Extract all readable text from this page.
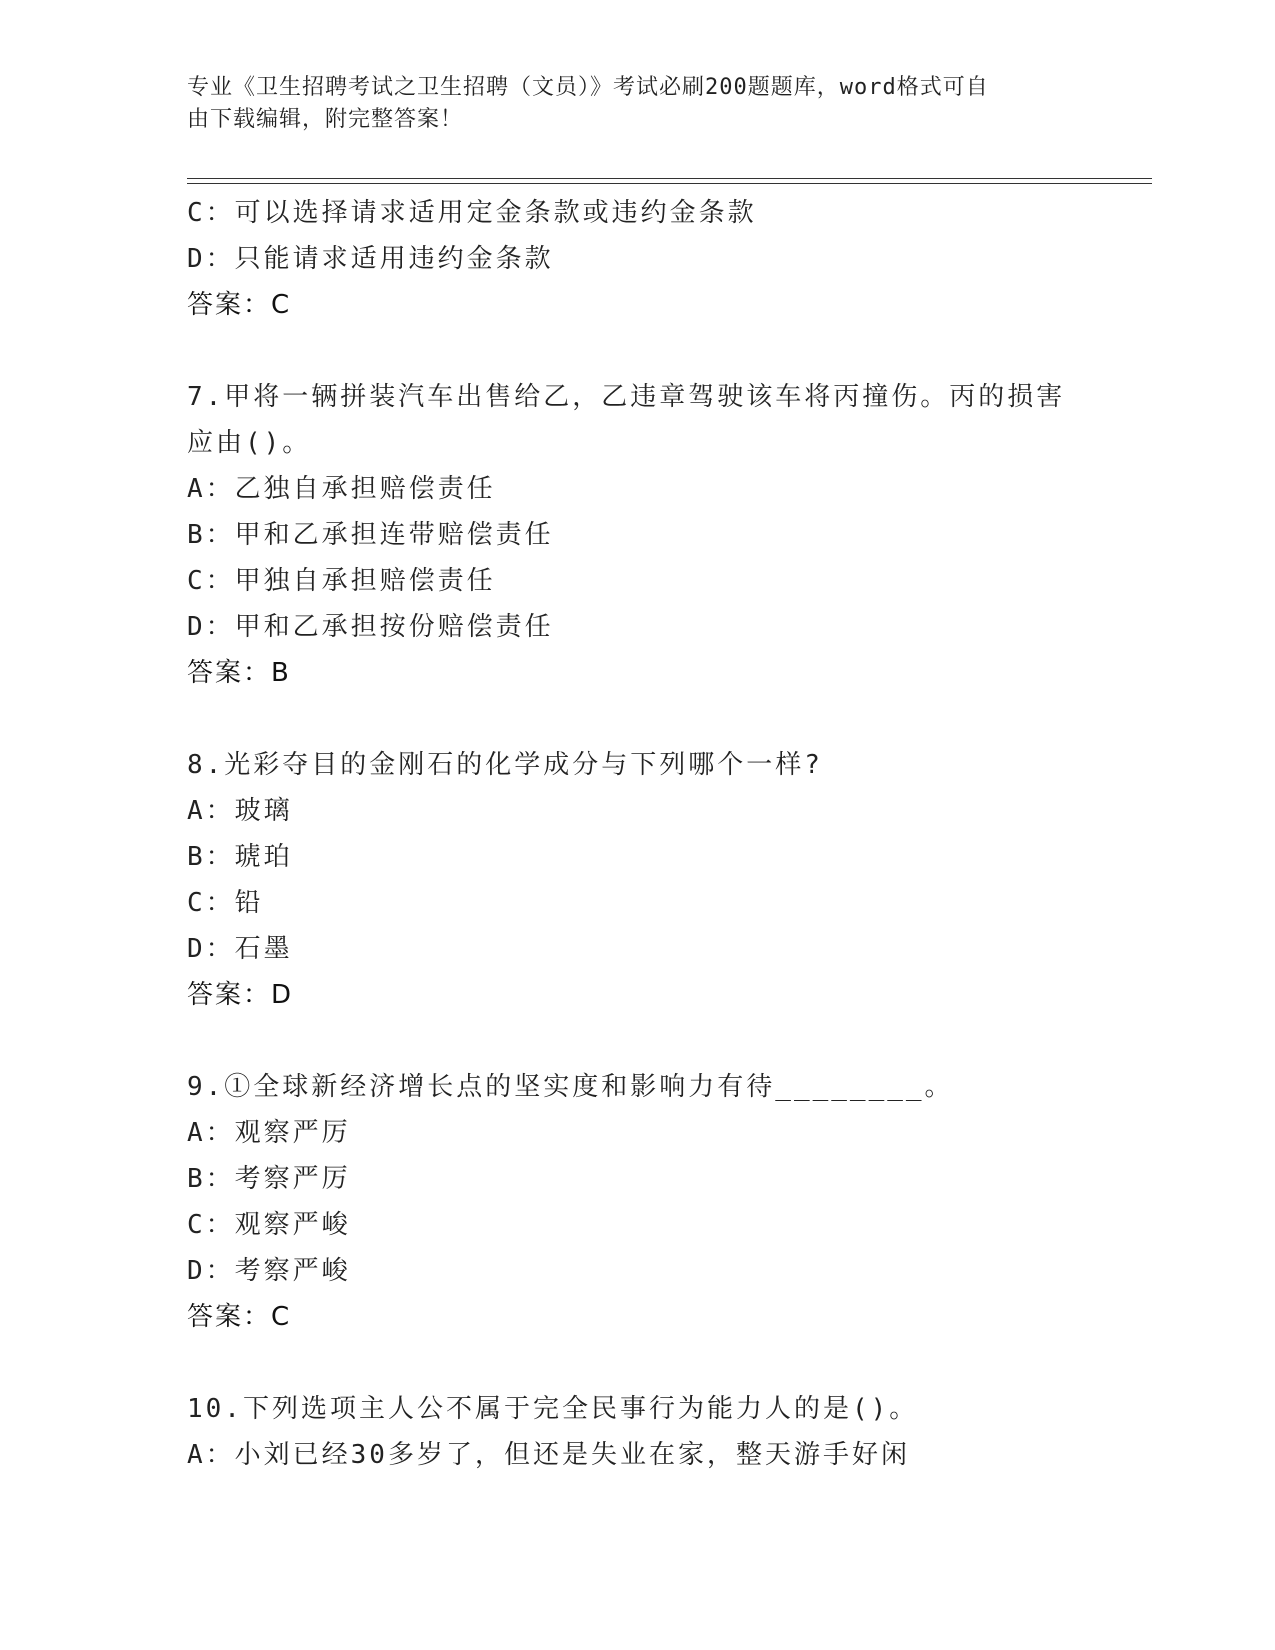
专业《卫生招聘考试之卫生招聘（文员）》考试必刷200题题库，word格式可自
由下载编辑，附完整答案！
C：可以选择请求适用定金条款或违约金条款
D：只能请求适用违约金条款
答案：C
7.甲将一辆拼装汽车出售给乙，乙违章驾驶该车将丙撞伤。丙的损害
应由()。
A：乙独自承担赔偿责任
B：甲和乙承担连带赔偿责任
C：甲独自承担赔偿责任
D：甲和乙承担按份赔偿责任
答案：B
8.光彩夺目的金刚石的化学成分与下列哪个一样?
A：玻璃
B：琥珀
C：铅
D：石墨
答案：D
9.①全球新经济增长点的坚实度和影响力有待________。
A：观察严厉
B：考察严厉
C：观察严峻
D：考察严峻
答案：C
10.下列选项主人公不属于完全民事行为能力人的是()。
A：小刘已经30多岁了，但还是失业在家，整天游手好闲
